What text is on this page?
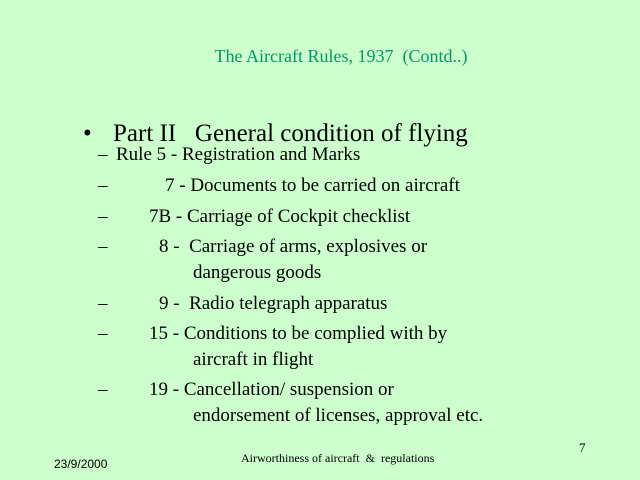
The Aircraft Rules, 1937  (Contd..)

• Part II   General condition of flying

–

Rule 5 - Registration and Marks

–

	7 - Documents to be carried on aircraft

–

7B - Carriage of Cockpit checklist

–

	8 -  Carriage of arms, explosives or

dangerous goods

–

	9 -  Radio telegraph apparatus

–

15 - Conditions to be complied with by

aircraft in flight

–

19 - Cancellation/ suspension or

endorsement of licenses, approval etc.
23/9/2000	Airworthiness of aircraft  &  regulations
7
